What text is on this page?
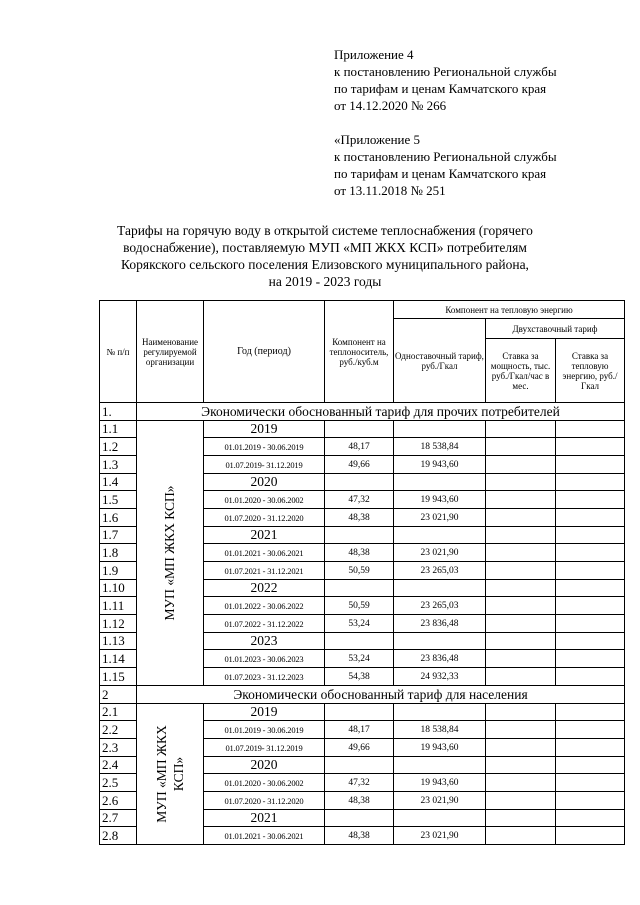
Приложение 4

к постановлению Региональной службы

по тарифам и ценам Камчатского края

от 14.12.2020 № 266

«Приложение 5

к постановлению Региональной службы

по тарифам и ценам Камчатского края

от 13.11.2018 № 251

Тарифы на горячую воду в открытой системе теплоснабжения (горячего

водоснабжение), поставляемую МУП «МП ЖКХ КСП» потребителям

Корякского сельского поселения Елизовского муниципального района,

на 2019 - 2023 годы

№ п/п	Наименование регулируемой организации	Год (период)	Компонент на теплоноситель, руб./куб.м	Компонент на тепловую энергию		
				Одноставочный тариф, руб./Гкал	Двухставочный тариф	
					Ставка за мощность, тыс. руб./Гкал/час в мес.	Ставка за тепловую энергию, руб./Гкал
1.	Экономически обоснованный тариф для прочих потребителей					
1.1	МУП «МП ЖКХ КСП»	2019				
1.2		01.01.2019 - 30.06.2019	48,17	18 538,84		
1.3		01.07.2019- 31.12.2019	49,66	19 943,60		
1.4		2020				
1.5		01.01.2020 - 30.06.2002	47,32	19 943,60		
1.6		01.07.2020 - 31.12.2020	48,38	23 021,90		
1.7		2021				
1.8		01.01.2021 - 30.06.2021	48,38	23 021,90		
1.9		01.07.2021 - 31.12.2021	50,59	23 265,03		
1.10		2022				
1.11		01.01.2022 - 30.06.2022	50,59	23 265,03		
1.12		01.07.2022 - 31.12.2022	53,24	23 836,48		
1.13		2023				
1.14		01.01.2023 - 30.06.2023	53,24	23 836,48		
1.15		01.07.2023 - 31.12.2023	54,38	24 932,33		
2	Экономически обоснованный тариф для населения					
2.1	МУП «МП ЖКХ КСП»	2019				
2.2		01.01.2019 - 30.06.2019	48,17	18 538,84		
2.3		01.07.2019- 31.12.2019	49,66	19 943,60		
2.4		2020				
2.5		01.01.2020 - 30.06.2002	47,32	19 943,60		
2.6		01.07.2020 - 31.12.2020	48,38	23 021,90		
2.7		2021				
2.8		01.01.2021 - 30.06.2021	48,38	23 021,90		
